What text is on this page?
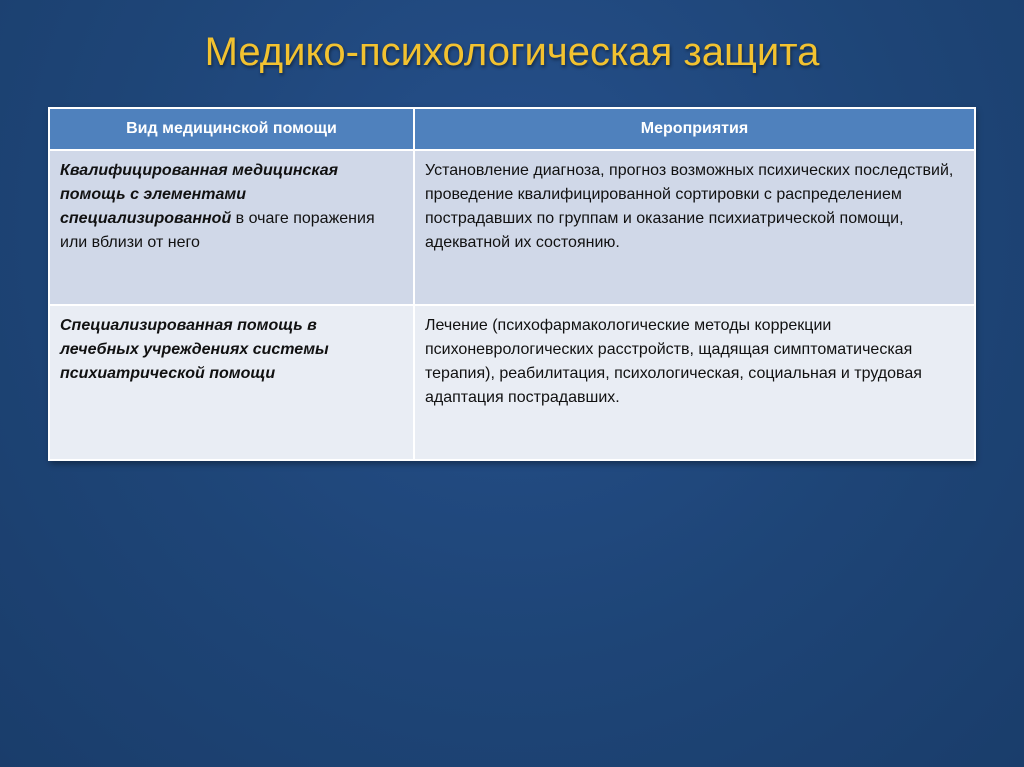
Медико-психологическая защита
Вид медицинской помощи	Мероприятия
Квалифицированная медицинская помощь с элементами специализированной в очаге поражения или вблизи от него	Установление диагноза, прогноз возможных психических последствий, проведение квалифицированной сортировки с распределением пострадавших по группам и оказание психиатрической помощи, адекватной их состоянию.
Специализированная помощь в лечебных учреждениях системы психиатрической помощи	Лечение (психофармакологические методы коррекции психоневрологических расстройств, щадящая симптоматическая терапия), реабилитация, психологическая, социальная и трудовая адаптация пострадавших.
